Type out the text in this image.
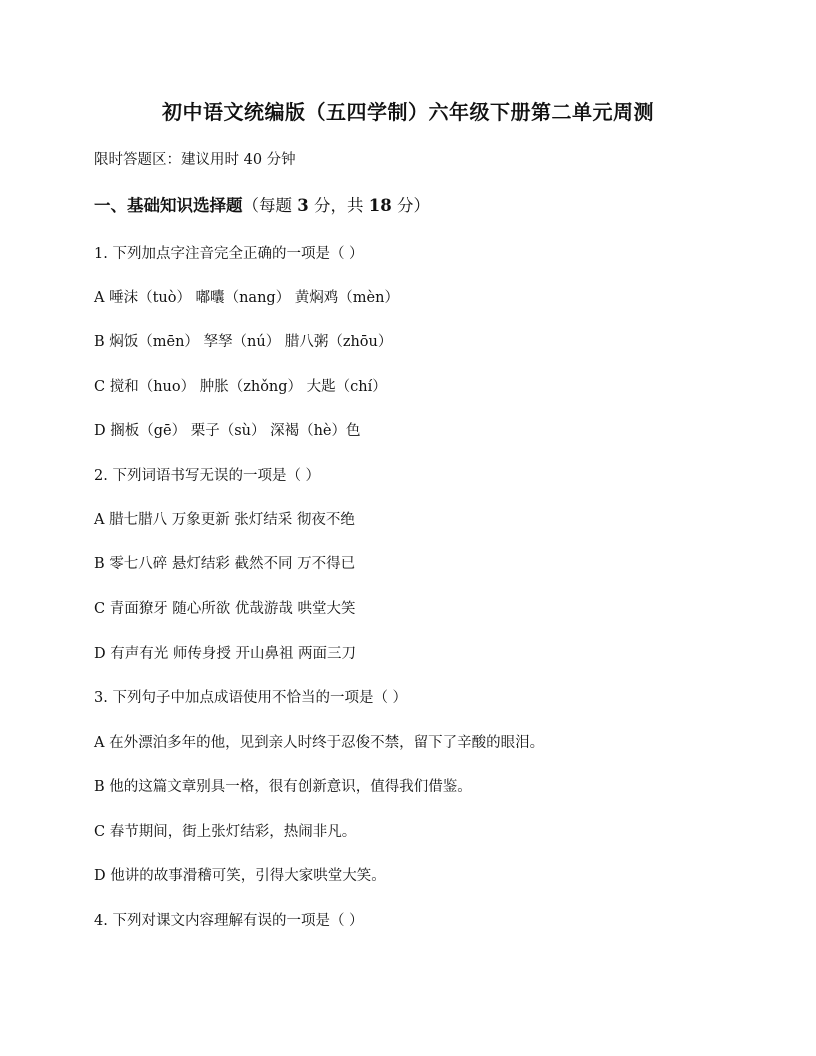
初中语文统编版（五四学制）六年级下册第二单元周测
限时答题区：建议用时 40 分钟
一、基础知识选择题（每题 3 分，共 18 分）
1. 下列加点字注音完全正确的一项是（ ）
A 唾沫（tuò） 嘟囔（nang） 黄焖鸡（mèn）
B 焖饭（mēn） 孥孥（nú） 腊八粥（zhōu）
C 搅和（huo） 肿胀（zhǒng） 大匙（chí）
D 搁板（gē） 栗子（sù） 深褐（hè）色
2. 下列词语书写无误的一项是（ ）
A 腊七腊八 万象更新 张灯结采 彻夜不绝
B 零七八碎 悬灯结彩 截然不同 万不得已
C 青面獠牙 随心所欲 优哉游哉 哄堂大笑
D 有声有光 师传身授 开山鼻祖 两面三刀
3. 下列句子中加点成语使用不恰当的一项是（ ）
A 在外漂泊多年的他，见到亲人时终于忍俊不禁，留下了辛酸的眼泪。
B 他的这篇文章别具一格，很有创新意识，值得我们借鉴。
C 春节期间，街上张灯结彩，热闹非凡。
D 他讲的故事滑稽可笑，引得大家哄堂大笑。
4. 下列对课文内容理解有误的一项是（ ）
